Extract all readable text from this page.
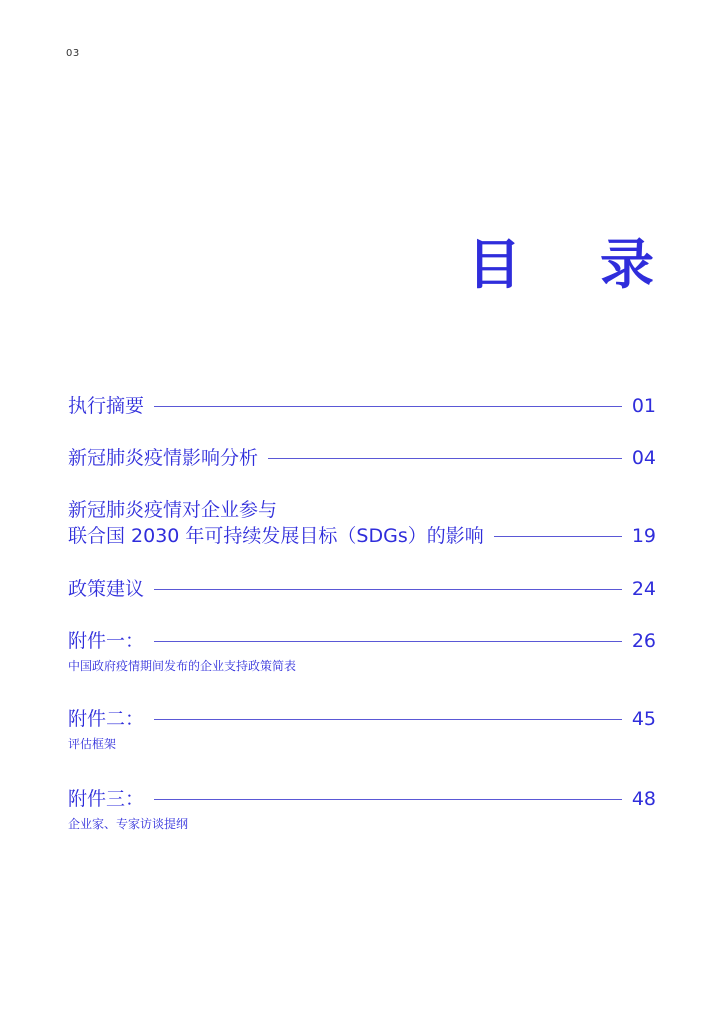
03
目 录
执行摘要	01
新冠肺炎疫情影响分析	04
新冠肺炎疫情对企业参与
联合国 2030 年可持续发展目标（SDGs）的影响	19
政策建议	24
附件一：	26
中国政府疫情期间发布的企业支持政策简表
附件二：	45
评估框架
附件三：	48
企业家、专家访谈提纲
